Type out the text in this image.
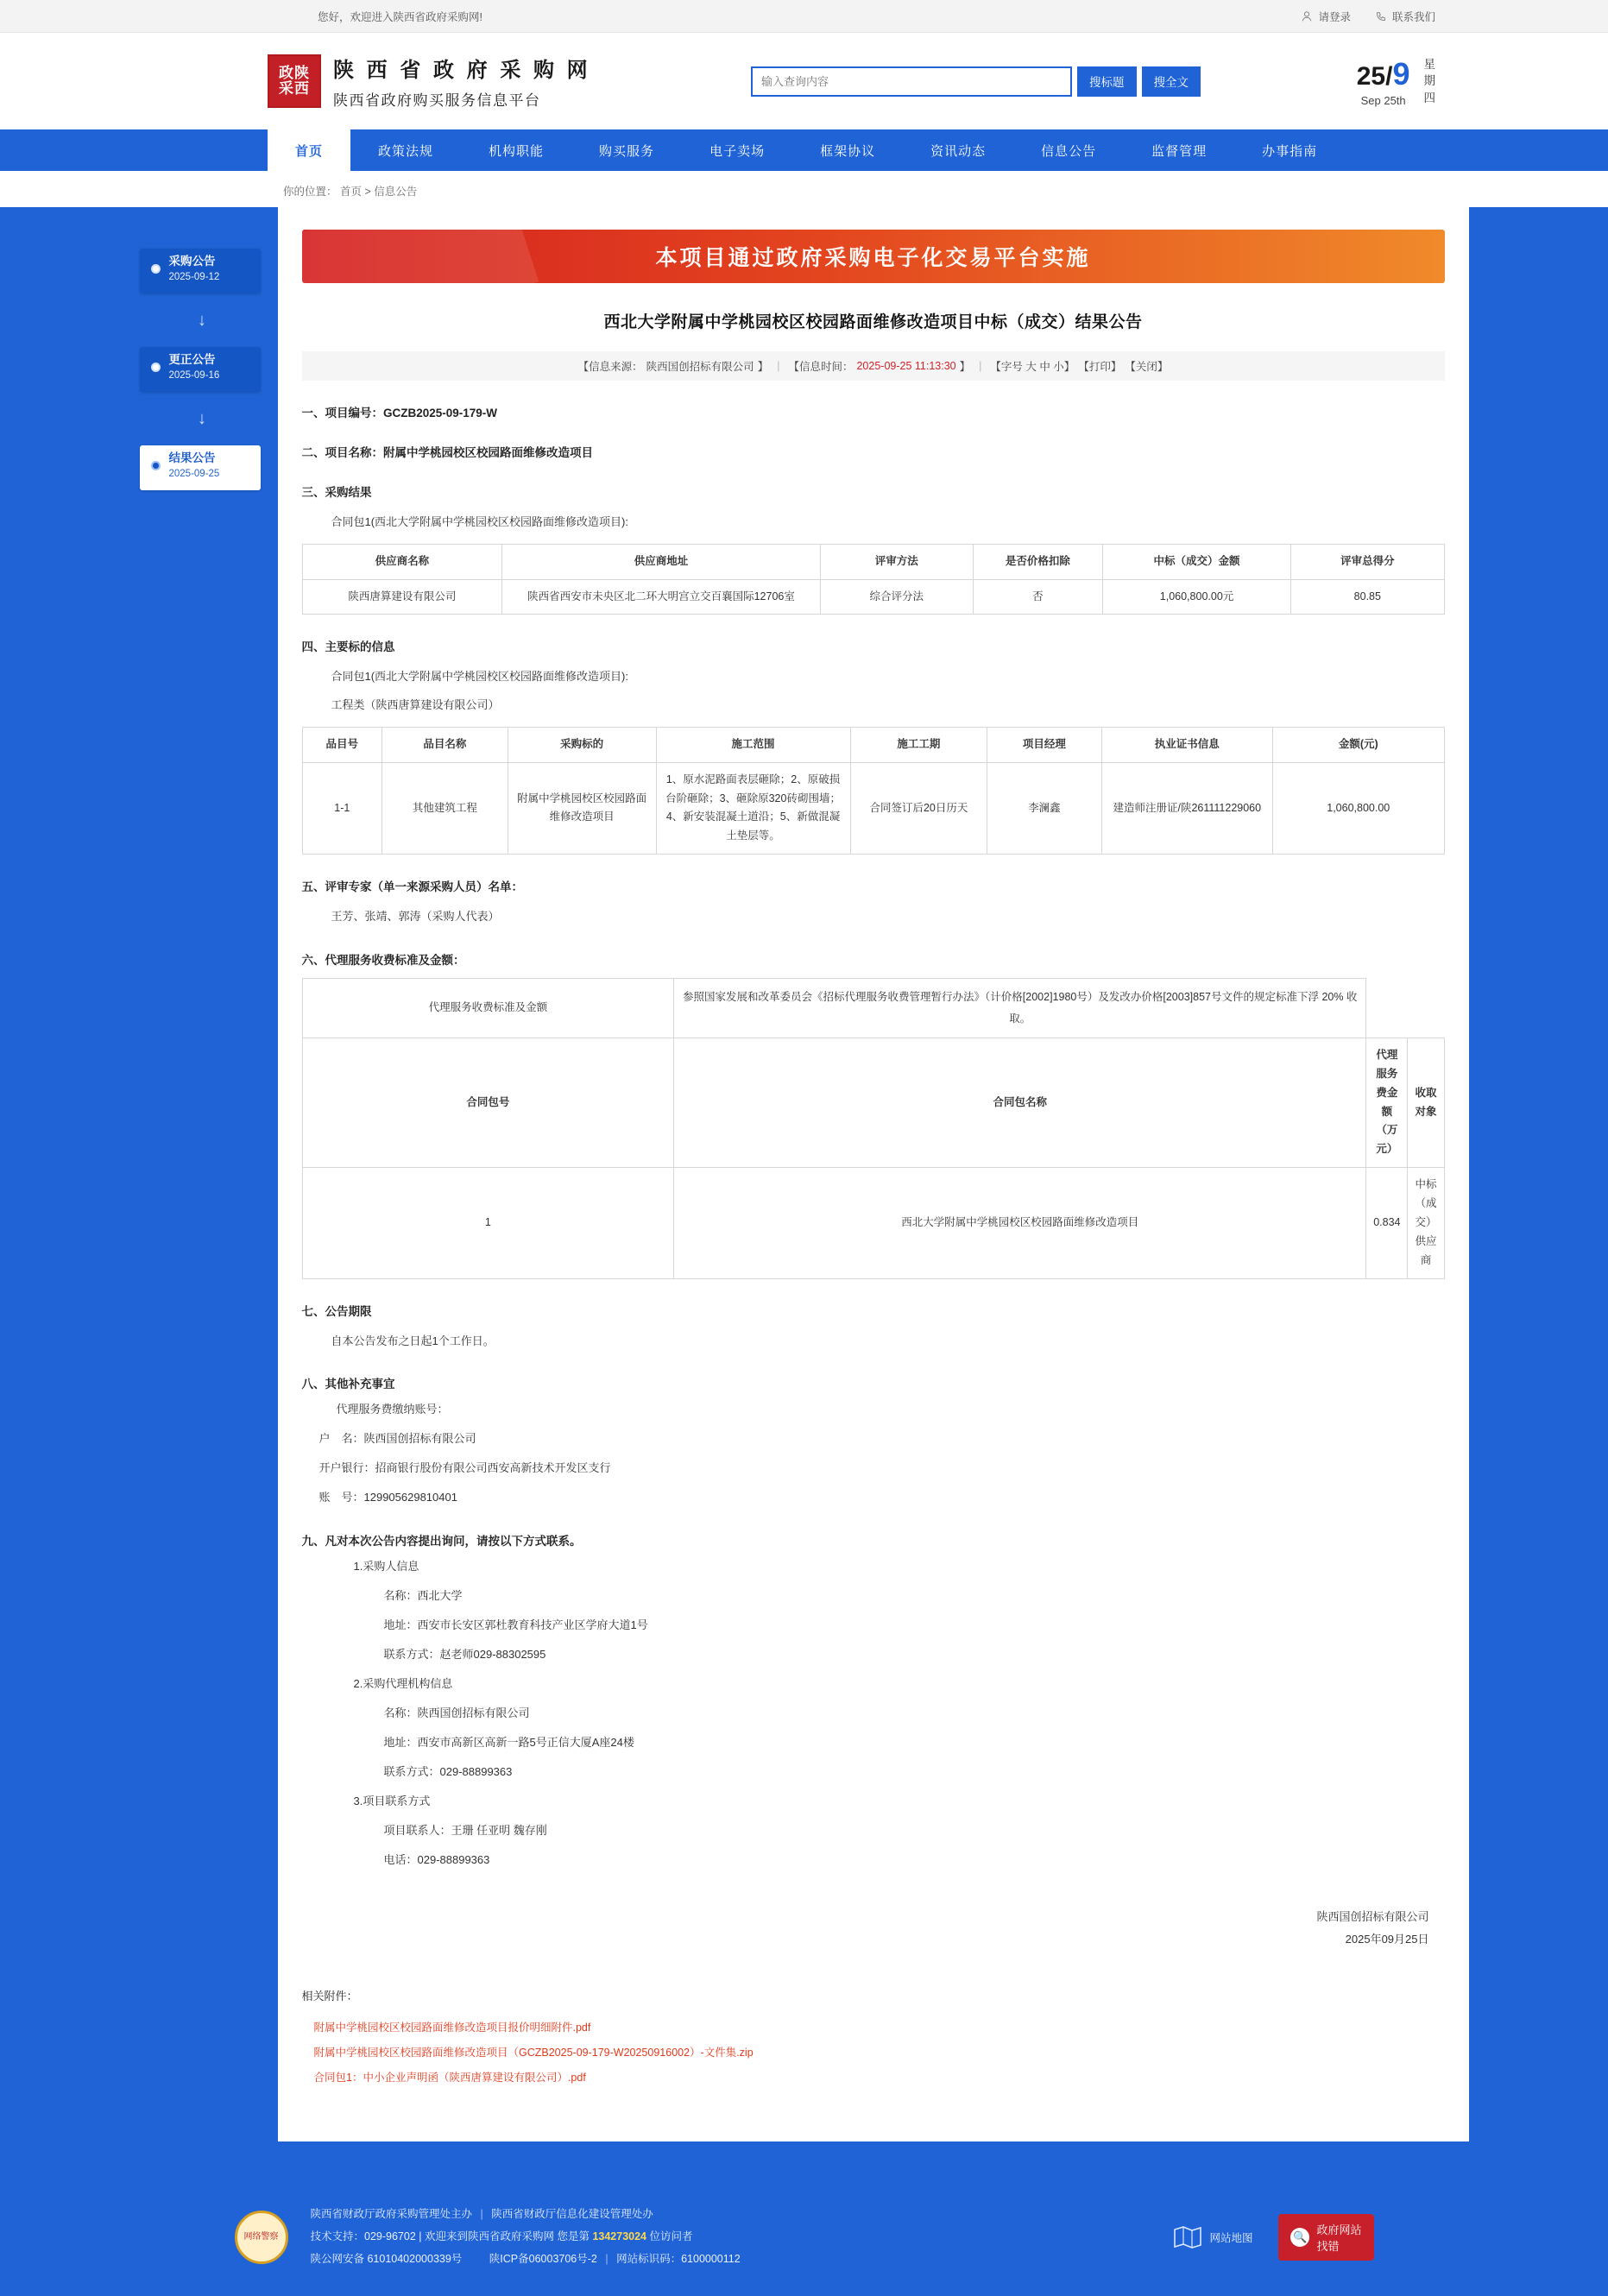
您好，欢迎进入陕西省政府采购网!	请登录	联系我们
政陕
采西
陕 西 省 政 府 采 购 网
陕西省政府购买服务信息平台
输入查询内容
搜标题	搜全文	25/9
Sep 25th
星
期
四
首页	政策法规	机构职能	购买服务	电子卖场	框架协议	资讯动态	信息公告	监督管理	办事指南
你的位置： 首页 > 信息公告
采购公告
2025-09-12
↓
更正公告
2025-09-16
↓
结果公告
2025-09-25
本项目通过政府采购电子化交易平台实施
西北大学附属中学桃园校区校园路面维修改造项目中标（成交）结果公告
【信息来源： 陕西国创招标有限公司 】 | 【信息时间： 2025-09-25 11:13:30 】 | 【字号 大 中 小】 【打印】 【关闭】
一、项目编号：GCZB2025-09-179-W
二、项目名称：附属中学桃园校区校园路面维修改造项目
三、采购结果
合同包1(西北大学附属中学桃园校区校园路面维修改造项目):
供应商名称	供应商地址	评审方法	是否价格扣除	中标（成交）金额	评审总得分
陕西唐算建设有限公司	陕西省西安市未央区北二环大明宫立交百襄国际12706室	综合评分法	否	1,060,800.00元	80.85
四、主要标的信息
合同包1(西北大学附属中学桃园校区校园路面维修改造项目):
工程类（陕西唐算建设有限公司）
品目号	品目名称	采购标的	施工范围	施工工期	项目经理	执业证书信息	金额(元)
1-1	其他建筑工程	附属中学桃园校区校园路面维修改造项目	1、原水泥路面表层砸除；2、原破损台阶砸除；3、砸除原320砖砌围墙；4、新安装混凝土道沿；5、新做混凝土垫层等。	合同签订后20日历天	李澜鑫	建造师注册证/陕261111229060	1,060,800.00
五、评审专家（单一来源采购人员）名单：
王芳、张靖、郭涛（采购人代表）
六、代理服务收费标准及金额：
代理服务收费标准及金额	参照国家发展和改革委员会《招标代理服务收费管理暂行办法》（计价格[2002]1980号）及发改办价格[2003]857号文件的规定标准下浮 20% 收取。		
合同包号	合同包名称	代理服务费金额（万元）	收取对象
1	西北大学附属中学桃园校区校园路面维修改造项目	0.834	中标（成交）供应商
七、公告期限
自本公告发布之日起1个工作日。
八、其他补充事宜
代理服务费缴纳账号：
户　名：陕西国创招标有限公司
开户银行：招商银行股份有限公司西安高新技术开发区支行
账　号：129905629810401
九、凡对本次公告内容提出询问，请按以下方式联系。
1.采购人信息
名称：西北大学
地址：西安市长安区郭杜教育科技产业区学府大道1号
联系方式：赵老师029-88302595
2.采购代理机构信息
名称：陕西国创招标有限公司
地址：西安市高新区高新一路5号正信大厦A座24楼
联系方式：029-88899363
3.项目联系方式
项目联系人：王珊 任亚明 魏存刚
电话：029-88899363
陕西国创招标有限公司
2025年09月25日
相关附件：
附属中学桃园校区校园路面维修改造项目报价明细附件.pdf
附属中学桃园校区校园路面维修改造项目（GCZB2025-09-179-W20250916002）-文件集.zip
合同包1：中小企业声明函（陕西唐算建设有限公司）.pdf
网络警察
陕西省财政厅政府采购管理处主办 | 陕西省财政厅信息化建设管理处办
技术支持：029-96702 | 欢迎来到陕西省政府采购网 您是第 134273024 位访问者
陕公网安备 61010402000339号 　	陕ICP备06003706号-2 | 网站标识码：6100000112
网站地图	🔍
政府网站
找错
